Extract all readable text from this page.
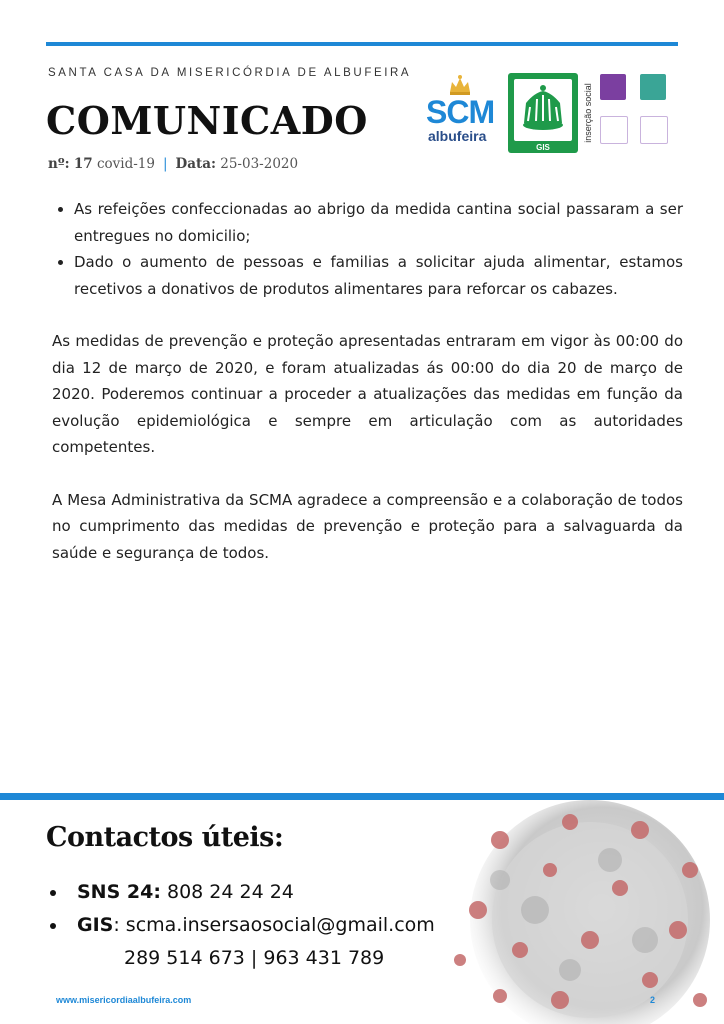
SANTA CASA DA MISERICÓRDIA DE ALBUFEIRA
COMUNICADO
nº: 17 covid-19 | Data: 25-03-2020
SCM
albufeira
GIS
inserção social
• As refeições confeccionadas ao abrigo da medida cantina social passaram a ser entregues no domicilio;
• Dado o aumento de pessoas e familias a solicitar ajuda alimentar, estamos recetivos a donativos de produtos alimentares para reforcar os cabazes.

As medidas de prevenção e proteção apresentadas entraram em vigor às 00:00 do dia 12 de março de 2020, e foram atualizadas ás 00:00 do dia 20 de março de 2020. Poderemos continuar a proceder a atualizações das medidas em função da evolução epidemiológica e sempre em articulação com as autoridades competentes.

A Mesa Administrativa da SCMA agradece a compreensão e a colaboração de todos no cumprimento das medidas de prevenção e proteção para a salvaguarda da saúde e segurança de todos.

Contactos úteis:
SNS 24: 808 24 24 24
GIS: scma.insersaosocial@gmail.com
289 514 673 | 963 431 789
www.misericordiaalbufeira.com	2
